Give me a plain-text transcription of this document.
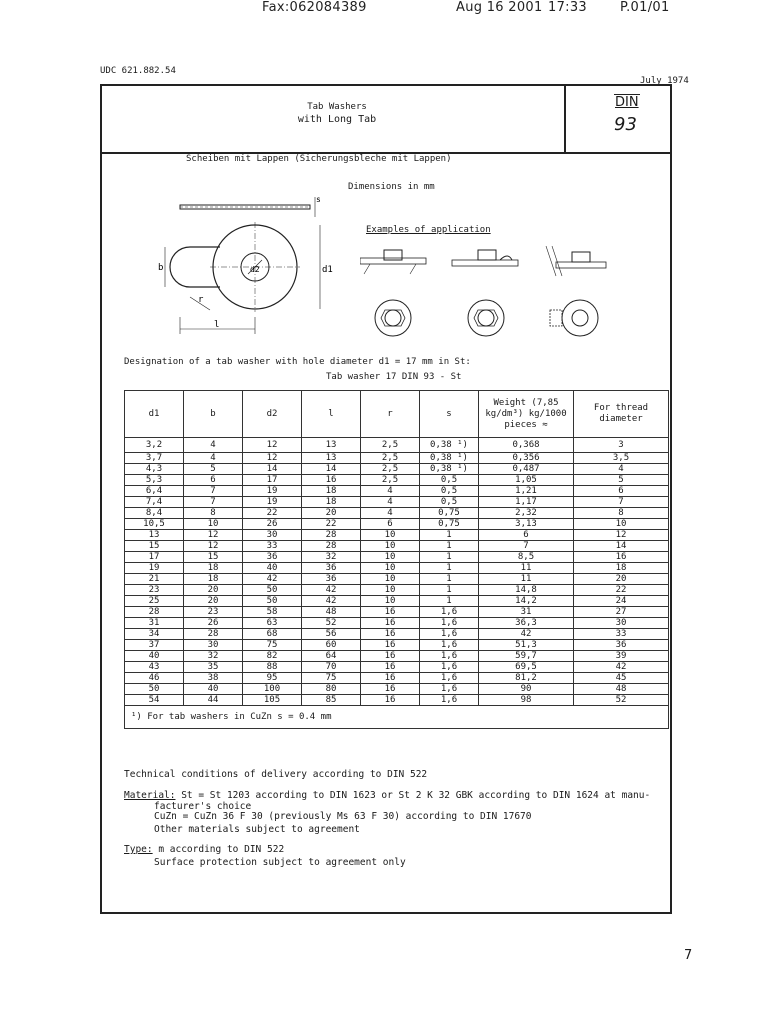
Fax:062084389	Aug 16 2001 17:33	P.01/01
UDC 621.882.54
July 1974
Tab Washers
with Long Tab
DIN
93
Scheiben mit Lappen (Sicherungsbleche mit Lappen)
Dimensions in mm
Examples of application
s
d2
b	d1
r
l
Designation of a tab washer with hole diameter d1 = 17 mm in St:
Tab washer 17 DIN 93 - St
d1	b	d2	l	r	s	Weight (7,85 kg/dm³) kg/1000 pieces ≈	For thread diameter
3,2	4	12	13	2,5	0,38 ¹)	0,368	3
3,7	4	12	13	2,5	0,38 ¹)	0,356	3,5
4,3	5	14	14	2,5	0,38 ¹)	0,487	4
5,3	6	17	16	2,5	0,5	1,05	5
6,4	7	19	18	4	0,5	1,21	6
7,4	7	19	18	4	0,5	1,17	7
8,4	8	22	20	4	0,75	2,32	8
10,5	10	26	22	6	0,75	3,13	10
13	12	30	28	10	1	6	12
15	12	33	28	10	1	7	14
17	15	36	32	10	1	8,5	16
19	18	40	36	10	1	11	18
21	18	42	36	10	1	11	20
23	20	50	42	10	1	14,8	22
25	20	50	42	10	1	14,2	24
28	23	58	48	16	1,6	31	27
31	26	63	52	16	1,6	36,3	30
34	28	68	56	16	1,6	42	33
37	30	75	60	16	1,6	51,3	36
40	32	82	64	16	1,6	59,7	39
43	35	88	70	16	1,6	69,5	42
46	38	95	75	16	1,6	81,2	45
50	40	100	80	16	1,6	90	48
54	44	105	85	16	1,6	98	52
¹) For tab washers in CuZn s = 0.4 mm							
Technical conditions of delivery according to DIN 522
Material: St = St 1203 according to DIN 1623 or St 2 K 32 GBK according to DIN 1624 at manu-
facturer's choice
CuZn = CuZn 36 F 30 (previously Ms 63 F 30) according to DIN 17670
Other materials subject to agreement
Type: m according to DIN 522
Surface protection subject to agreement only
7
